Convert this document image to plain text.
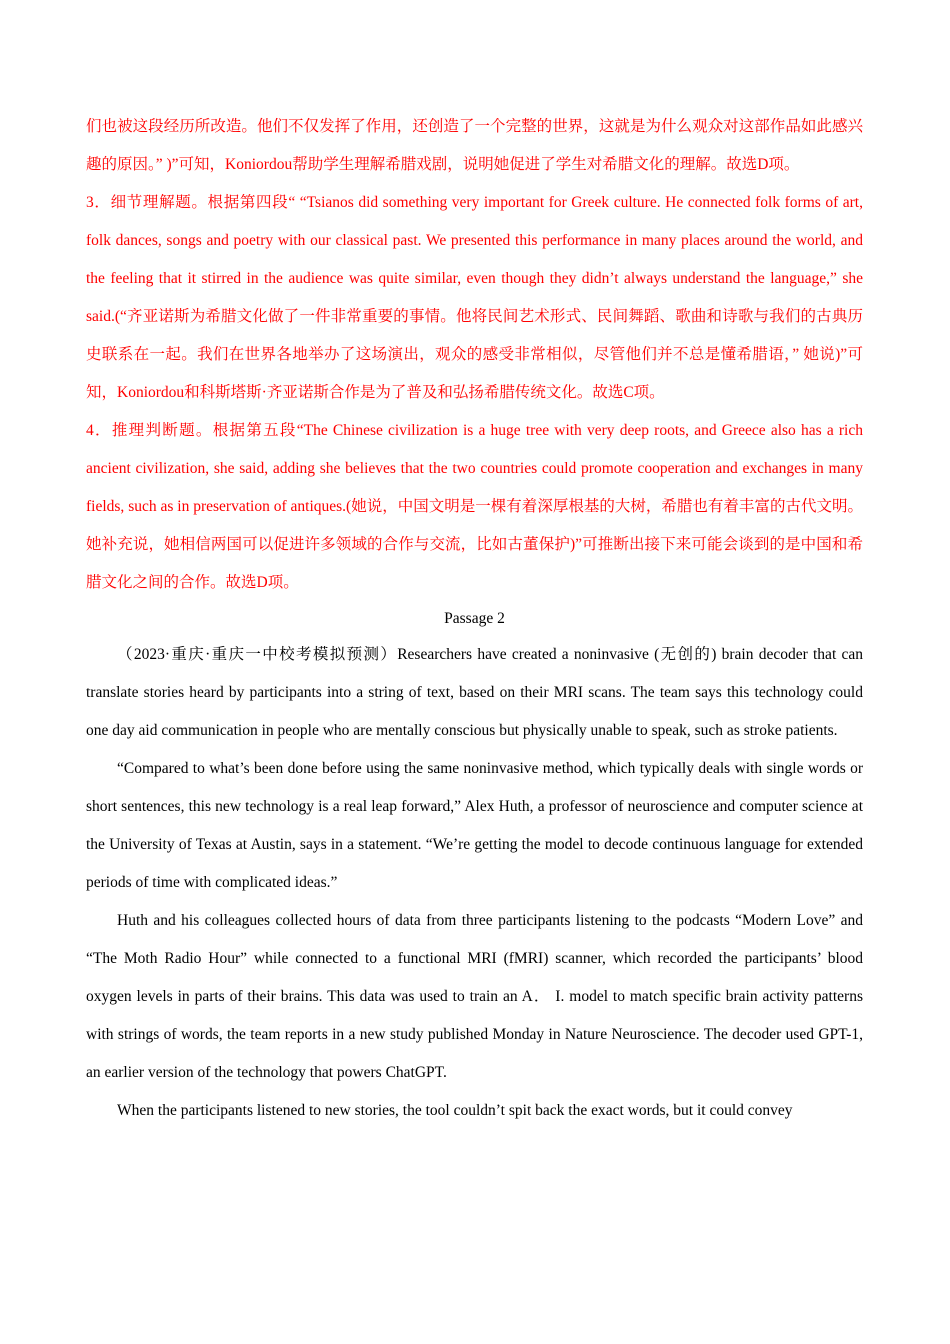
们也被这段经历所改造。他们不仅发挥了作用，还创造了一个完整的世界，这就是为什么观众对这部作品如此感兴趣的原因。” )”可知，Koniordou帮助学生理解希腊戏剧，说明她促进了学生对希腊文化的理解。故选D项。

3．细节理解题。根据第四段“ “Tsianos did something very important for Greek culture. He connected folk forms of art, folk dances, songs and poetry with our classical past. We presented this performance in many places around the world, and the feeling that it stirred in the audience was quite similar, even though they didn’t always understand the language,” she said.(“齐亚诺斯为希腊文化做了一件非常重要的事情。他将民间艺术形式、民间舞蹈、歌曲和诗歌与我们的古典历史联系在一起。我们在世界各地举办了这场演出，观众的感受非常相似，尽管他们并不总是懂希腊语，” 她说)”可知，Koniordou和科斯塔斯·齐亚诺斯合作是为了普及和弘扬希腊传统文化。故选C项。

4．推理判断题。根据第五段“The Chinese civilization is a huge tree with very deep roots, and Greece also has a rich ancient civilization, she said, adding she believes that the two countries could promote cooperation and exchanges in many fields, such as in preservation of antiques.(她说，中国文明是一棵有着深厚根基的大树，希腊也有着丰富的古代文明。她补充说，她相信两国可以促进许多领域的合作与交流，比如古董保护)”可推断出接下来可能会谈到的是中国和希腊文化之间的合作。故选D项。

Passage 2

（2023·重庆·重庆一中校考模拟预测）Researchers have created a noninvasive (无创的) brain decoder that can translate stories heard by participants into a string of text, based on their MRI scans. The team says this technology could one day aid communication in people who are mentally conscious but physically unable to speak, such as stroke patients.

“Compared to what’s been done before using the same noninvasive method, which typically deals with single words or short sentences, this new technology is a real leap forward,” Alex Huth, a professor of neuroscience and computer science at the University of Texas at Austin, says in a statement. “We’re getting the model to decode continuous language for extended periods of time with complicated ideas.”

Huth and his colleagues collected hours of data from three participants listening to the podcasts “Modern Love” and “The Moth Radio Hour” while connected to a functional MRI (fMRI) scanner, which recorded the participants’ blood oxygen levels in parts of their brains. This data was used to train an A． I. model to match specific brain activity patterns with strings of words, the team reports in a new study published Monday in Nature Neuroscience. The decoder used GPT-1, an earlier version of the technology that powers ChatGPT.

When the participants listened to new stories, the tool couldn’t spit back the exact words, but it could convey
